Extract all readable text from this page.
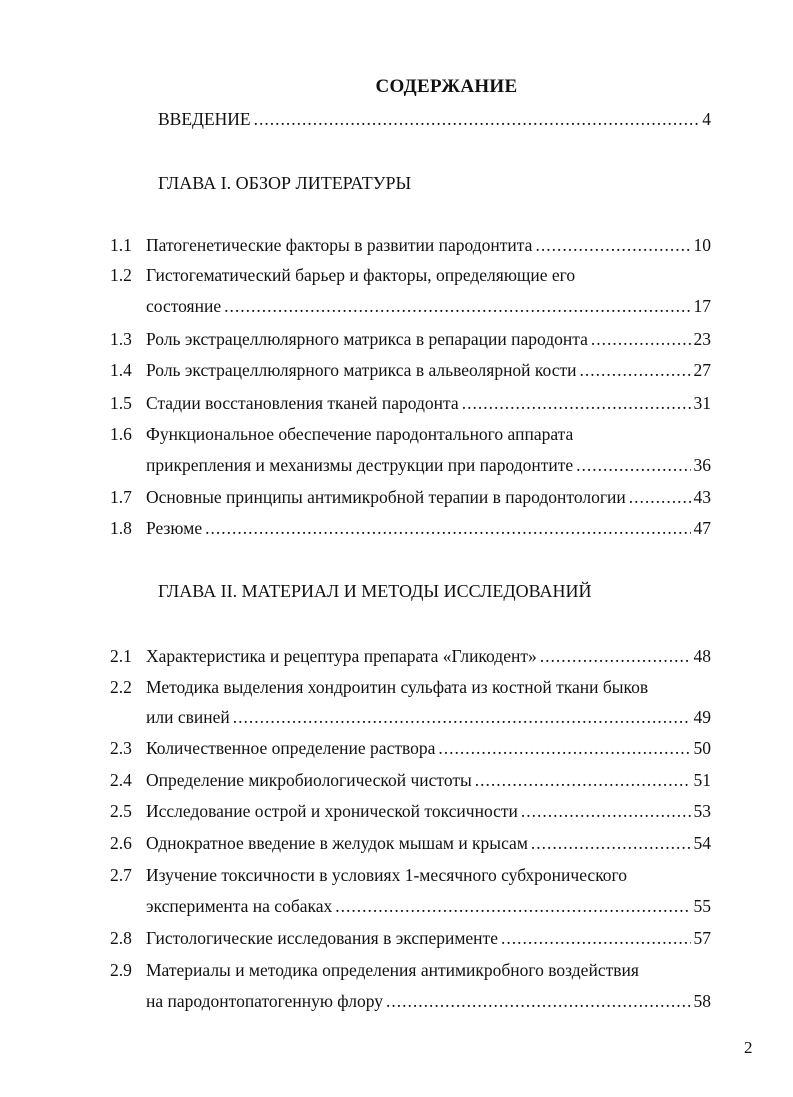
СОДЕРЖАНИЕ
ВВЕДЕНИЕ .....	4
ГЛАВА I. ОБЗОР ЛИТЕРАТУРЫ
1.1 Патогенетические факторы в развитии пародонтита .....	10
1.2 Гистогематический барьер и факторы, определяющие его
состояние .....	17
1.3 Роль экстрацеллюлярного матрикса в репарации пародонта .....	23
1.4 Роль экстрацеллюлярного матрикса в альвеолярной кости .....	27
1.5 Стадии восстановления тканей пародонта .....	31
1.6 Функциональное обеспечение пародонтального аппарата
прикрепления и механизмы деструкции при пародонтите .....	36
1.7 Основные принципы антимикробной терапии в пародонтологии .....	43
1.8 Резюме .....	47
ГЛАВА II. МАТЕРИАЛ И МЕТОДЫ ИССЛЕДОВАНИЙ
2.1 Характеристика и рецептура препарата «Гликодент» .....	48
2.2 Методика выделения хондроитин сульфата из костной ткани быков
или свиней .....	49
2.3 Количественное определение раствора .....	50
2.4 Определение микробиологической чистоты .....	51
2.5 Исследование острой и хронической токсичности .....	53
2.6 Однократное введение в желудок мышам и крысам .....	54
2.7 Изучение токсичности в условиях 1-месячного субхронического
эксперимента на собаках .....	55
2.8 Гистологические исследования в эксперименте .....	57
2.9 Материалы и методика определения антимикробного воздействия
на пародонтопатогенную флору .....	58
2
